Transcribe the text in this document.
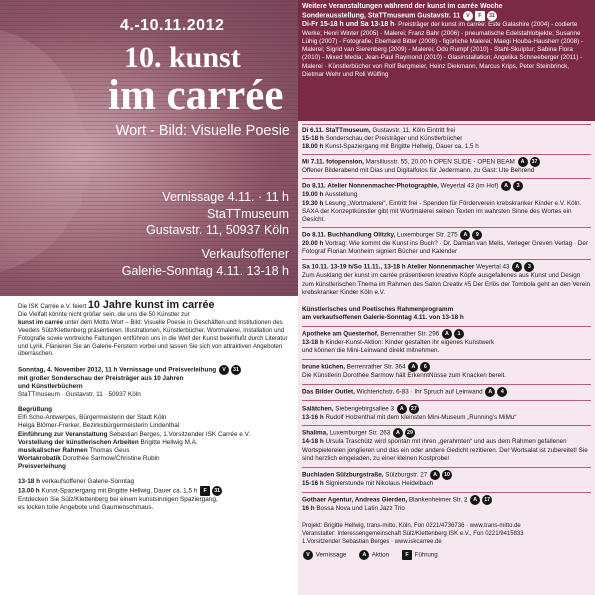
4.-10.11.2012
10. kunst
im carrée
Wort - Bild: Visuelle Poesie
Vernissage 4.11. · 11 h
StaTTmuseum
Gustavstr. 11, 50937 Köln
Verkaufsoffener
Galerie-Sonntag 4.11. 13-18 h
Weitere Veranstaltungen während der kunst im carrée Woche
Sonderausstellung, StaTTmuseum Gustavstr. 11 V F 31
Di-Fr 15-18 h und Sa 13-18 h· Preisträger der kunst im carrée: Este Galashire (2004) - codierte Werke; Henri Winter (2005) - Malerei; Franz Bahr (2006) - pneumatische Edelstahlobjekte; Susanne Lühig (2007) - Fotografie; Eberhard Bitter (2008) - figürliche Malerei; Maegi Houba-Hausherr (2008) - Malerei; Sigrid van Sierenberg (2009) - Malerei; Odo Rumpf (2010) - Stahl-Skulptur; Sabina Flora (2010) - Mixed Media; Jean-Paul Raymond (2010) - Glasinstallation; Angelika Schneeberger (2011) - Malerei · Künstlerbücher von Rolf Bergmeier, Heinz Diekmann, Marcus Krips, Peter Steinbrinck, Dietmar Wehr und Roli Wülfing
Di 6.11. StaTTmuseum, Gustavstr. 11, Köln Eintritt frei
15-18 h Sonderschau der Preisträger und Künstlerbücher
18.00 h Kunst-Spaziergang mit Brigitte Hellwig, Dauer ca. 1,5 h
Mi 7.11. fotopension, Marsiliusstr. 55, 20.00 h OPEN SLIDE - OPEN BEAM A 37
Offener Bilderabend mit Dias und Digitalfotos für Jedermann, zu Gast: Ute Behrend
Do 8.11. Atelier Nonnenmacher-Photographie, Weyertal 43 (im Hof) A 3
19.00 h Ausstellung
19.30 h Lesung „Wortmalerei“, Eintritt frei - Spenden für Förderverein krebskranker Kinder e.V. Köln. SAXA der Konzeptkünstler gibt mit Wortmalerei seinen Texten im wahrsten Sinne des Wortes ein Gesicht.
Do 8.11. Buchhandlung Olitzky, Luxemburger Str. 275 A 9
20.00 h Vortrag: Wie kommt die Kunst ins Buch? · Dr. Damian van Melis, Verleger Greven Verlag · Der Fotograf Florian Monheim signiert Bücher und Kalender
Sa 10.11. 13-19 h/So 11.11., 13-18 h Atelier Nonnenmacher Weyertal 43 A 3
Zum Ausklang der kunst im carrée präsentieren kreative Köpfe ausgefallenes aus Kunst und Design zum künstlerischen Thema im Rahmen des Salon Creativ #5 Der Erlös der Tombola geht an den Verein krebskranker Kinder Köln e.V.
Die ISK Carrée e.V. feiert 10 Jahre kunst im carrée
Die Vielfalt könnte nicht größer sein, die uns die 50 Künstler zur
kunst im carrée unter dem Motto Wort – Bild: Visuelle Poesie in Geschäften und Institutionen des Veedels Sülz/Klettenberg präsentieren. Illustrationen, Künstlerbücher, Wortmalerei, Installation und Fotografie sowie wortreiche Faltungen entführen uns in die Welt der Kunst beeinflußt durch Literatur und Lyrik. Flanieren Sie an Galerie-Fenstern vorbei und lassen Sie sich von attraktiven Angeboten überraschen.
Sonntag, 4. November 2012, 11 h Vernissage und Preisverleihung V 31
mit großer Sonderschau der Preisträger aus 10 Jahren
und Künstlerbüchern
StaTTmuseum · Gustavstr. 11 · 50937 Köln
Begrüßung
Elfi Scho-Antwerpes, Bürgermeisterin der Stadt Köln
Helga Blömer-Frerker, Bezirksbürgermeisterin Lindenthal
Einführung zur Veranstaltung Sebastian Berges, 1.Vorsitzender ISK Carrée e.V.
Vorstellung der künstlerischen Arbeiten Brigitte Hellwig M.A.
musikalischer Rahmen Thomas Geus
Wortakrobatik Dorothée Sarmow/Christine Rubin
Preisverleihung
13-18 h verkaufsoffener Galerie-Sonntag
13.00 h Kunst-Spaziergang mit Brigitte Hellwig, Dauer ca. 1,5 h F 31
Entdecken Sie Sülz/Klettenberg bei einem kunstsinnigen Spaziergang,
es locken tolle Angebote und Gaumenschmaus.
Künstlerisches und Poetisches Rahmenprogramm
am verkaufsoffenen Galerie-Sonntag 4.11. von 13-18 h
Apotheke am Questerhof, Berrenrather Str. 296 A 1
13-18 h Kinder-Kunst-Aktion: Kinder gestalten ihr eigenes Kunstwerk
und können die Mini-Leinwand direkt mitnehmen.
brune küchen, Berrenrather Str. 364 A 6
Die Künstlerin Dorothée Sarmow hält ErkenntNüsse zum Knacken bereit.
Das Bilder Outlet, Wichterichstr. 6-83 · Ihr Spruch auf Leinwand A 4
Salätchen, Siebengebirgsallee 3 A 27
13-16 h Rudolf Holzenthal mit dem kleinsten Mini-Museum „Running’s MiMu“
Shalima, Luxemburger Str. 263 A 29
14-18 h Ursula Traschütz wird spontan mit ihren „gerahmten“ und aus dem Rahmen gefallenen Wortspielereien jonglieren und das ein oder andere Gedicht rezitieren. Der Wortsalat ist zubereitet! Sie sind herzlich eingeladen, zu einer kleinen Kostprobe!
Buchladen Sülzburgstraße, Sülzburgstr. 27 A 10
15-16 h Signierstunde mit Nikolaus Heidelbach
Gothaer Agentur, Andreas Gierden, Blankenheimer Str. 2 A 17
16 h Bossa Nova und Latin Jazz Trio
Projekt: Brigitte Hellwig, trans-mitto, Köln, Fon 0221/4736736 · www.trans-mitto.de
Veranstalter: Interessengemeinschaft Sülz/Klettenberg ISK e.V., Fon 0221/9415833
1.Vorsitzender Sebastian Berges · www.iskcarree.de
V Vernissage	A Aktion	F Führung
